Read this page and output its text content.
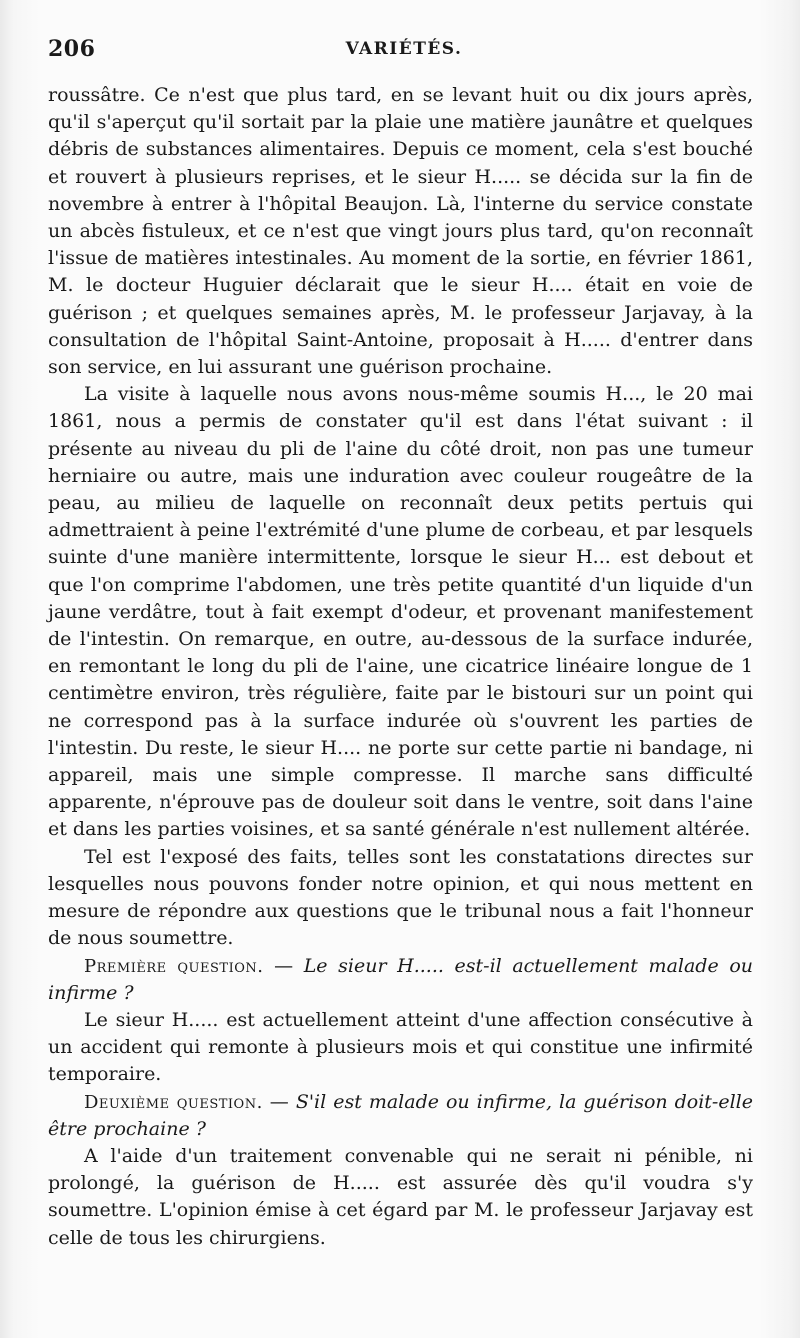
206	VARIÉTÉS.

roussâtre. Ce n'est que plus tard, en se levant huit ou dix jours après, qu'il s'aperçut qu'il sortait par la plaie une matière jaunâtre et quelques débris de substances alimentaires. Depuis ce moment, cela s'est bouché et rouvert à plusieurs reprises, et le sieur H..... se décida sur la fin de novembre à entrer à l'hôpital Beaujon. Là, l'interne du service constate un abcès fistuleux, et ce n'est que vingt jours plus tard, qu'on reconnaît l'issue de matières intestinales. Au moment de la sortie, en février 1861, M. le docteur Huguier déclarait que le sieur H.... était en voie de guérison ; et quelques semaines après, M. le professeur Jarjavay, à la consultation de l'hôpital Saint-Antoine, proposait à H..... d'entrer dans son service, en lui assurant une guérison prochaine.

La visite à laquelle nous avons nous-même soumis H..., le 20 mai 1861, nous a permis de constater qu'il est dans l'état suivant : il présente au niveau du pli de l'aine du côté droit, non pas une tumeur herniaire ou autre, mais une induration avec couleur rougeâtre de la peau, au milieu de laquelle on reconnaît deux petits pertuis qui admettraient à peine l'extrémité d'une plume de corbeau, et par lesquels suinte d'une manière intermittente, lorsque le sieur H... est debout et que l'on comprime l'abdomen, une très petite quantité d'un liquide d'un jaune verdâtre, tout à fait exempt d'odeur, et provenant manifestement de l'intestin. On remarque, en outre, au-dessous de la surface indurée, en remontant le long du pli de l'aine, une cicatrice linéaire longue de 1 centimètre environ, très régulière, faite par le bistouri sur un point qui ne correspond pas à la surface indurée où s'ouvrent les parties de l'intestin. Du reste, le sieur H.... ne porte sur cette partie ni bandage, ni appareil, mais une simple compresse. Il marche sans difficulté apparente, n'éprouve pas de douleur soit dans le ventre, soit dans l'aine et dans les parties voisines, et sa santé générale n'est nullement altérée.

Tel est l'exposé des faits, telles sont les constatations directes sur lesquelles nous pouvons fonder notre opinion, et qui nous mettent en mesure de répondre aux questions que le tribunal nous a fait l'honneur de nous soumettre.

Première question. — Le sieur H..... est-il actuellement malade ou infirme ?

Le sieur H..... est actuellement atteint d'une affection consécutive à un accident qui remonte à plusieurs mois et qui constitue une infirmité temporaire.

Deuxième question. — S'il est malade ou infirme, la guérison doit-elle être prochaine ?

A l'aide d'un traitement convenable qui ne serait ni pénible, ni prolongé, la guérison de H..... est assurée dès qu'il voudra s'y soumettre. L'opinion émise à cet égard par M. le professeur Jarjavay est celle de tous les chirurgiens.
